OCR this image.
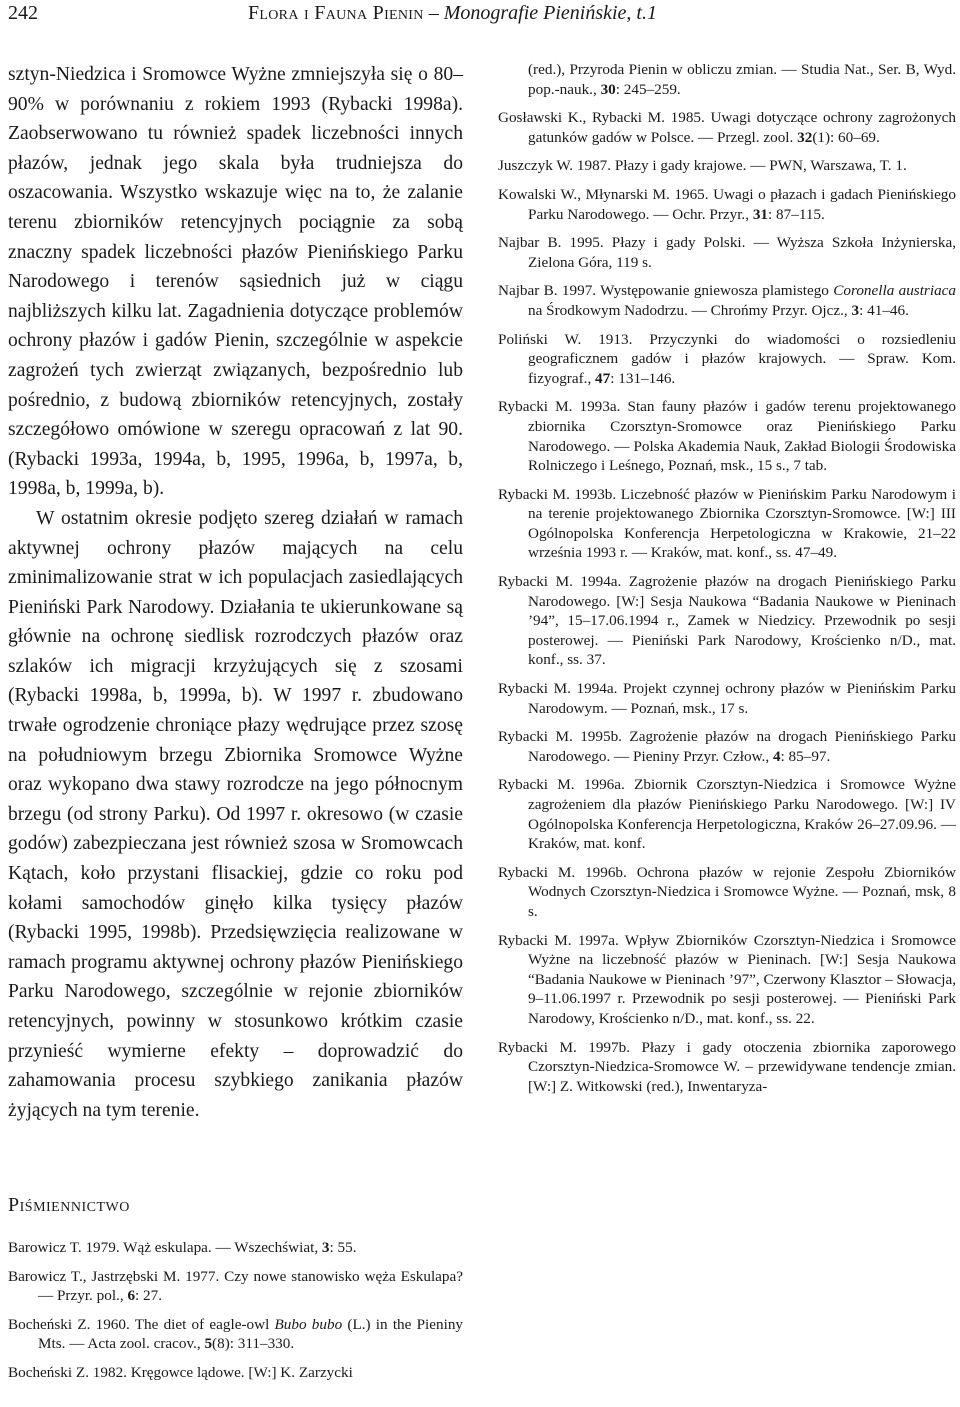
242	Flora i Fauna Pienin – Monografie Pienińskie, t.1

sztyn-Niedzica i Sromowce Wyżne zmniejszyła się o 80–90% w porównaniu z rokiem 1993 (Rybacki 1998a). Zaobserwowano tu również spadek liczebności innych płazów, jednak jego skala była trudniejsza do oszacowania. Wszystko wskazuje więc na to, że zalanie terenu zbiorników retencyjnych pociągnie za sobą znaczny spadek liczebności płazów Pienińskiego Parku Narodowego i terenów sąsiednich już w ciągu najbliższych kilku lat. Zagadnienia dotyczące problemów ochrony płazów i gadów Pienin, szczególnie w aspekcie zagrożeń tych zwierząt związanych, bezpośrednio lub pośrednio, z budową zbiorników retencyjnych, zostały szczegółowo omówione w szeregu opracowań z lat 90. (Rybacki 1993a, 1994a, b, 1995, 1996a, b, 1997a, b, 1998a, b, 1999a, b).

W ostatnim okresie podjęto szereg działań w ramach aktywnej ochrony płazów mających na celu zminimalizowanie strat w ich populacjach zasiedlających Pieniński Park Narodowy. Działania te ukierunkowane są głównie na ochronę siedlisk rozrodczych płazów oraz szlaków ich migracji krzyżujących się z szosami (Rybacki 1998a, b, 1999a, b). W 1997 r. zbudowano trwałe ogrodzenie chroniące płazy wędrujące przez szosę na południowym brzegu Zbiornika Sromowce Wyżne oraz wykopano dwa stawy rozrodcze na jego północnym brzegu (od strony Parku). Od 1997 r. okresowo (w czasie godów) zabezpieczana jest również szosa w Sromowcach Kątach, koło przystani flisackiej, gdzie co roku pod kołami samochodów ginęło kilka tysięcy płazów (Rybacki 1995, 1998b). Przedsięwzięcia realizowane w ramach programu aktywnej ochrony płazów Pienińskiego Parku Narodowego, szczególnie w rejonie zbiorników retencyjnych, powinny w stosunkowo krótkim czasie przynieść wymierne efekty – doprowadzić do zahamowania procesu szybkiego zanikania płazów żyjących na tym terenie.

Piśmiennictwo
Barowicz T. 1979. Wąż eskulapa. — Wszechświat, 3: 55.
Barowicz T., Jastrzębski M. 1977. Czy nowe stanowisko węża Eskulapa? — Przyr. pol., 6: 27.
Bocheński Z. 1960. The diet of eagle-owl Bubo bubo (L.) in the Pieniny Mts. — Acta zool. cracov., 5(8): 311–330.
Bocheński Z. 1982. Kręgowce lądowe. [W:] K. Zarzycki
(red.), Przyroda Pienin w obliczu zmian. — Studia Nat., Ser. B, Wyd. pop.-nauk., 30: 245–259.
Gosławski K., Rybacki M. 1985. Uwagi dotyczące ochrony zagrożonych gatunków gadów w Polsce. — Przegl. zool. 32(1): 60–69.
Juszczyk W. 1987. Płazy i gady krajowe. — PWN, Warszawa, T. 1.
Kowalski W., Młynarski M. 1965. Uwagi o płazach i gadach Pienińskiego Parku Narodowego. — Ochr. Przyr., 31: 87–115.
Najbar B. 1995. Płazy i gady Polski. — Wyższa Szkoła Inżynierska, Zielona Góra, 119 s.
Najbar B. 1997. Występowanie gniewosza plamistego Coronella austriaca na Środkowym Nadodrzu. — Chrońmy Przyr. Ojcz., 3: 41–46.
Poliński W. 1913. Przyczynki do wiadomości o rozsiedleniu geograficznem gadów i płazów krajowych. — Spraw. Kom. fizyograf., 47: 131–146.
Rybacki M. 1993a. Stan fauny płazów i gadów terenu projektowanego zbiornika Czorsztyn-Sromowce oraz Pienińskiego Parku Narodowego. — Polska Akademia Nauk, Zakład Biologii Środowiska Rolniczego i Leśnego, Poznań, msk., 15 s., 7 tab.
Rybacki M. 1993b. Liczebność płazów w Pienińskim Parku Narodowym i na terenie projektowanego Zbiornika Czorsztyn-Sromowce. [W:] III Ogólnopolska Konferencja Herpetologiczna w Krakowie, 21–22 września 1993 r. — Kraków, mat. konf., ss. 47–49.
Rybacki M. 1994a. Zagrożenie płazów na drogach Pienińskiego Parku Narodowego. [W:] Sesja Naukowa “Badania Naukowe w Pieninach ’94”, 15–17.06.1994 r., Zamek w Niedzicy. Przewodnik po sesji posterowej. — Pieniński Park Narodowy, Krościenko n/D., mat. konf., ss. 37.
Rybacki M. 1994a. Projekt czynnej ochrony płazów w Pienińskim Parku Narodowym. — Poznań, msk., 17 s.
Rybacki M. 1995b. Zagrożenie płazów na drogach Pienińskiego Parku Narodowego. — Pieniny Przyr. Człow., 4: 85–97.
Rybacki M. 1996a. Zbiornik Czorsztyn-Niedzica i Sromowce Wyżne zagrożeniem dla płazów Pienińskiego Parku Narodowego. [W:] IV Ogólnopolska Konferencja Herpetologiczna, Kraków 26–27.09.96. — Kraków, mat. konf.
Rybacki M. 1996b. Ochrona płazów w rejonie Zespołu Zbiorników Wodnych Czorsztyn-Niedzica i Sromowce Wyżne. — Poznań, msk, 8 s.
Rybacki M. 1997a. Wpływ Zbiorników Czorsztyn-Niedzica i Sromowce Wyżne na liczebność płazów w Pieninach. [W:] Sesja Naukowa “Badania Naukowe w Pieninach ’97”, Czerwony Klasztor – Słowacja, 9–11.06.1997 r. Przewodnik po sesji posterowej. — Pieniński Park Narodowy, Krościenko n/D., mat. konf., ss. 22.
Rybacki M. 1997b. Płazy i gady otoczenia zbiornika zaporowego Czorsztyn-Niedzica-Sromowce W. – przewidywane tendencje zmian. [W:] Z. Witkowski (red.), Inwentaryza-
